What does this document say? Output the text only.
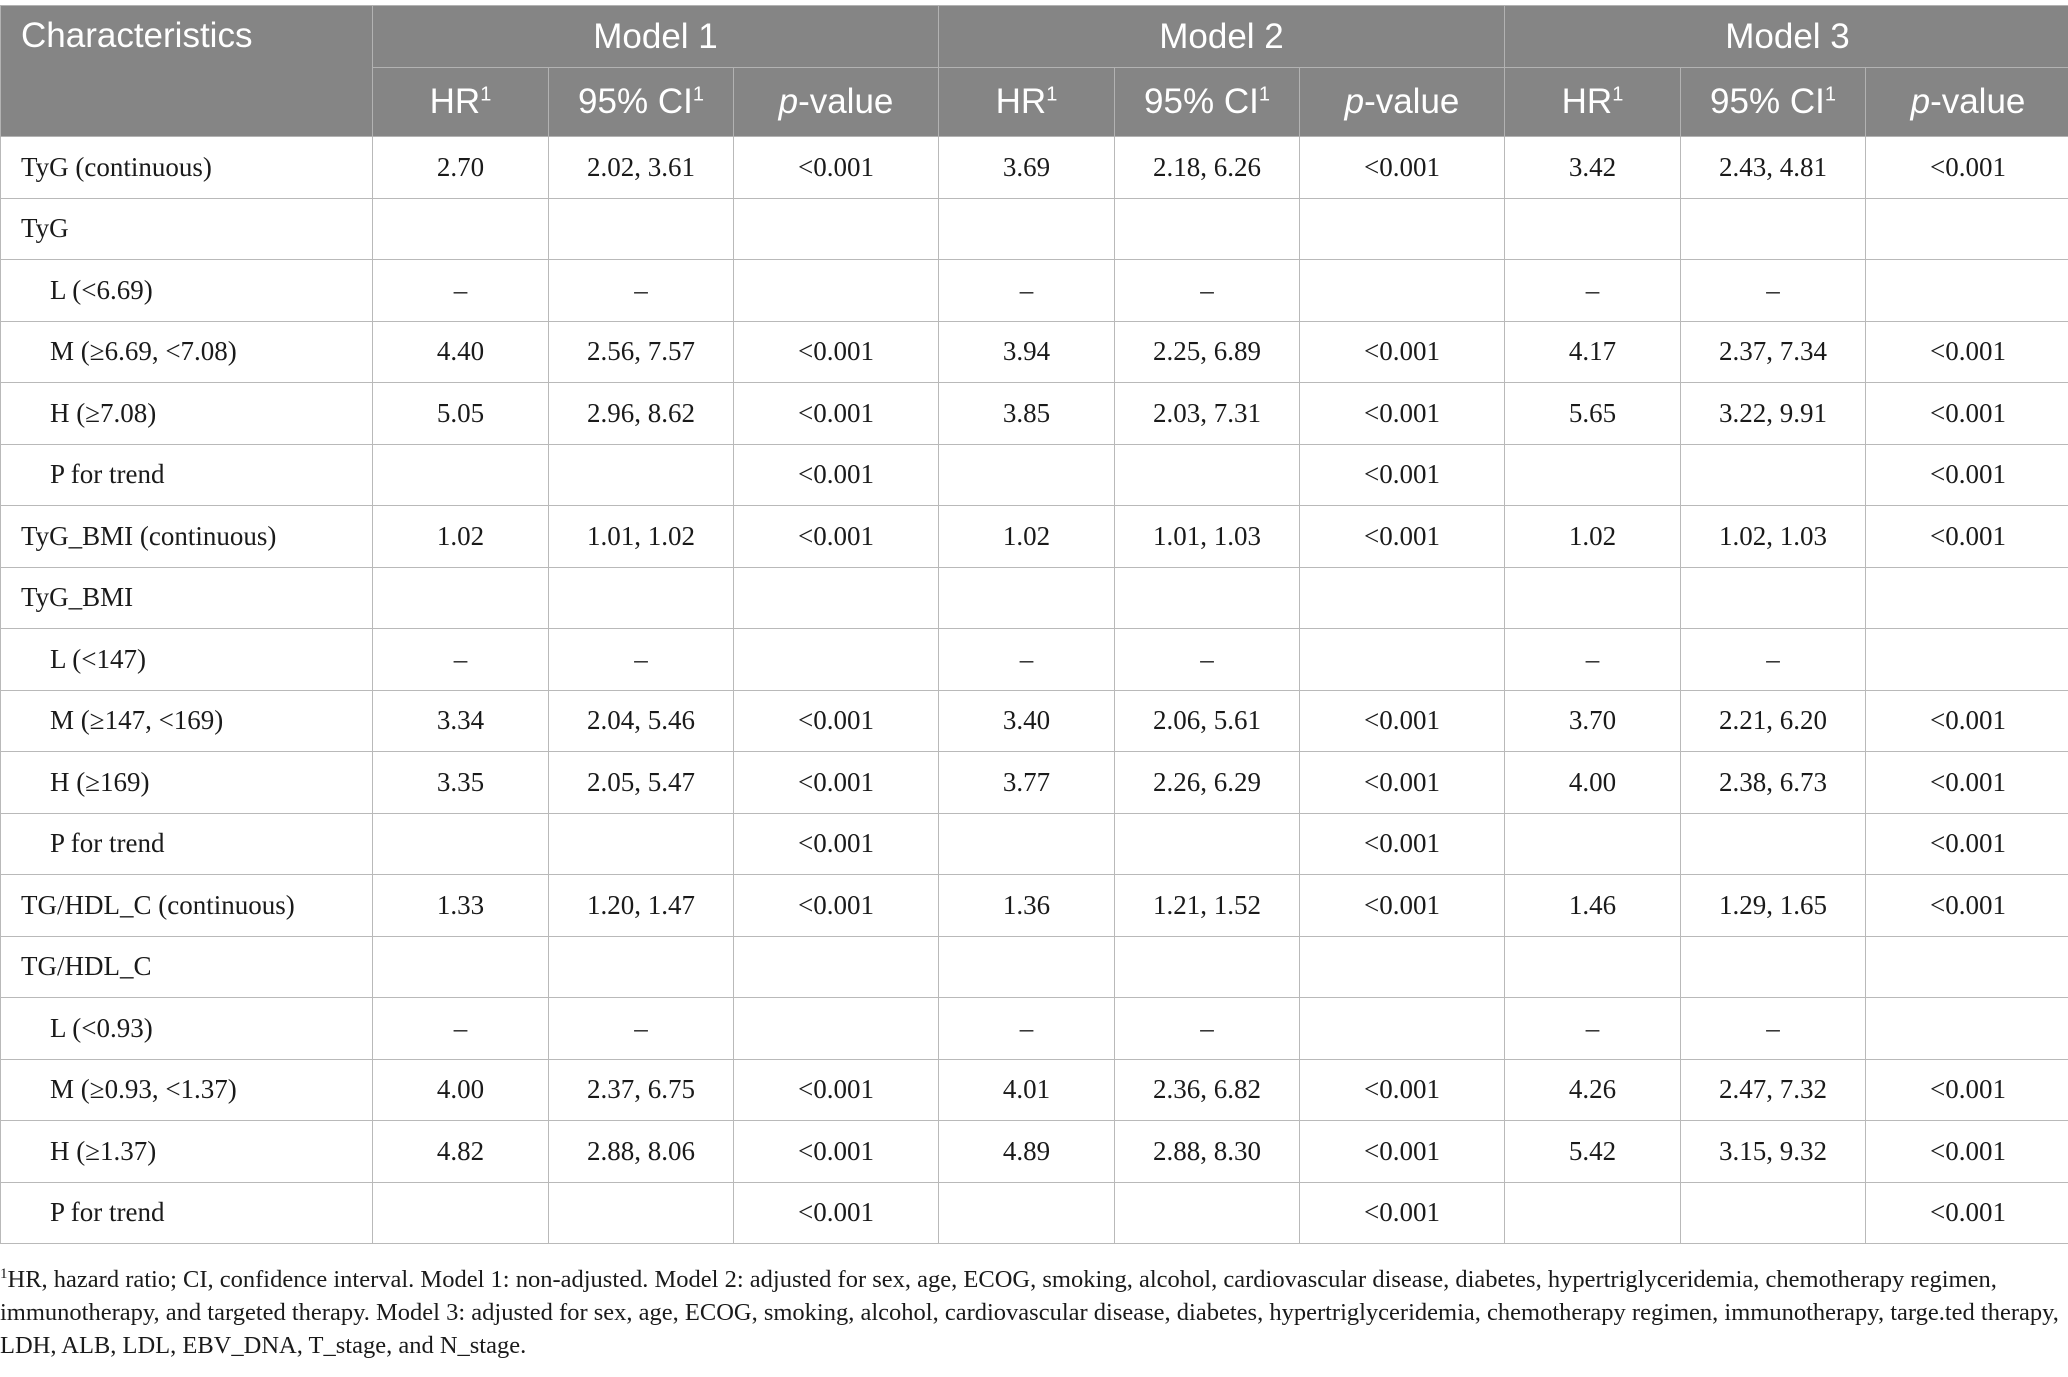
Characteristics	Model 1			Model 2			Model 3		
	$HR^1$	95% $CI^1$	p-value	$HR^1$	95% $CI^1$	p-value	$HR^1$	95% $CI^1$	p-value
TyG (continuous)	2.70	2.02, 3.61	<0.001	3.69	2.18, 6.26	<0.001	3.42	2.43, 4.81	<0.001
TyG									
L (<6.69)	–	–		–	–		–	–	
M (≥6.69, <7.08)	4.40	2.56, 7.57	<0.001	3.94	2.25, 6.89	<0.001	4.17	2.37, 7.34	<0.001
H (≥7.08)	5.05	2.96, 8.62	<0.001	3.85	2.03, 7.31	<0.001	5.65	3.22, 9.91	<0.001
P for trend			<0.001			<0.001			<0.001
TyG_BMI (continuous)	1.02	1.01, 1.02	<0.001	1.02	1.01, 1.03	<0.001	1.02	1.02, 1.03	<0.001
TyG_BMI									
L (<147)	–	–		–	–		–	–	
M (≥147, <169)	3.34	2.04, 5.46	<0.001	3.40	2.06, 5.61	<0.001	3.70	2.21, 6.20	<0.001
H (≥169)	3.35	2.05, 5.47	<0.001	3.77	2.26, 6.29	<0.001	4.00	2.38, 6.73	<0.001
P for trend			<0.001			<0.001			<0.001
TG/HDL_C (continuous)	1.33	1.20, 1.47	<0.001	1.36	1.21, 1.52	<0.001	1.46	1.29, 1.65	<0.001
TG/HDL_C									
L (<0.93)	–	–		–	–		–	–	
M (≥0.93, <1.37)	4.00	2.37, 6.75	<0.001	4.01	2.36, 6.82	<0.001	4.26	2.47, 7.32	<0.001
H (≥1.37)	4.82	2.88, 8.06	<0.001	4.89	2.88, 8.30	<0.001	5.42	3.15, 9.32	<0.001
P for trend			<0.001			<0.001			<0.001
$^1$HR, hazard ratio; CI, confidence interval. Model 1: non-adjusted. Model 2: adjusted for sex, age, ECOG, smoking, alcohol, cardiovascular disease, diabetes, hypertriglyceridemia, chemotherapy regimen, immunotherapy, and targeted therapy. Model 3: adjusted for sex, age, ECOG, smoking, alcohol, cardiovascular disease, diabetes, hypertriglyceridemia, chemotherapy regimen, immunotherapy, targe.ted therapy, LDH, ALB, LDL, EBV_DNA, T_stage, and N_stage.
